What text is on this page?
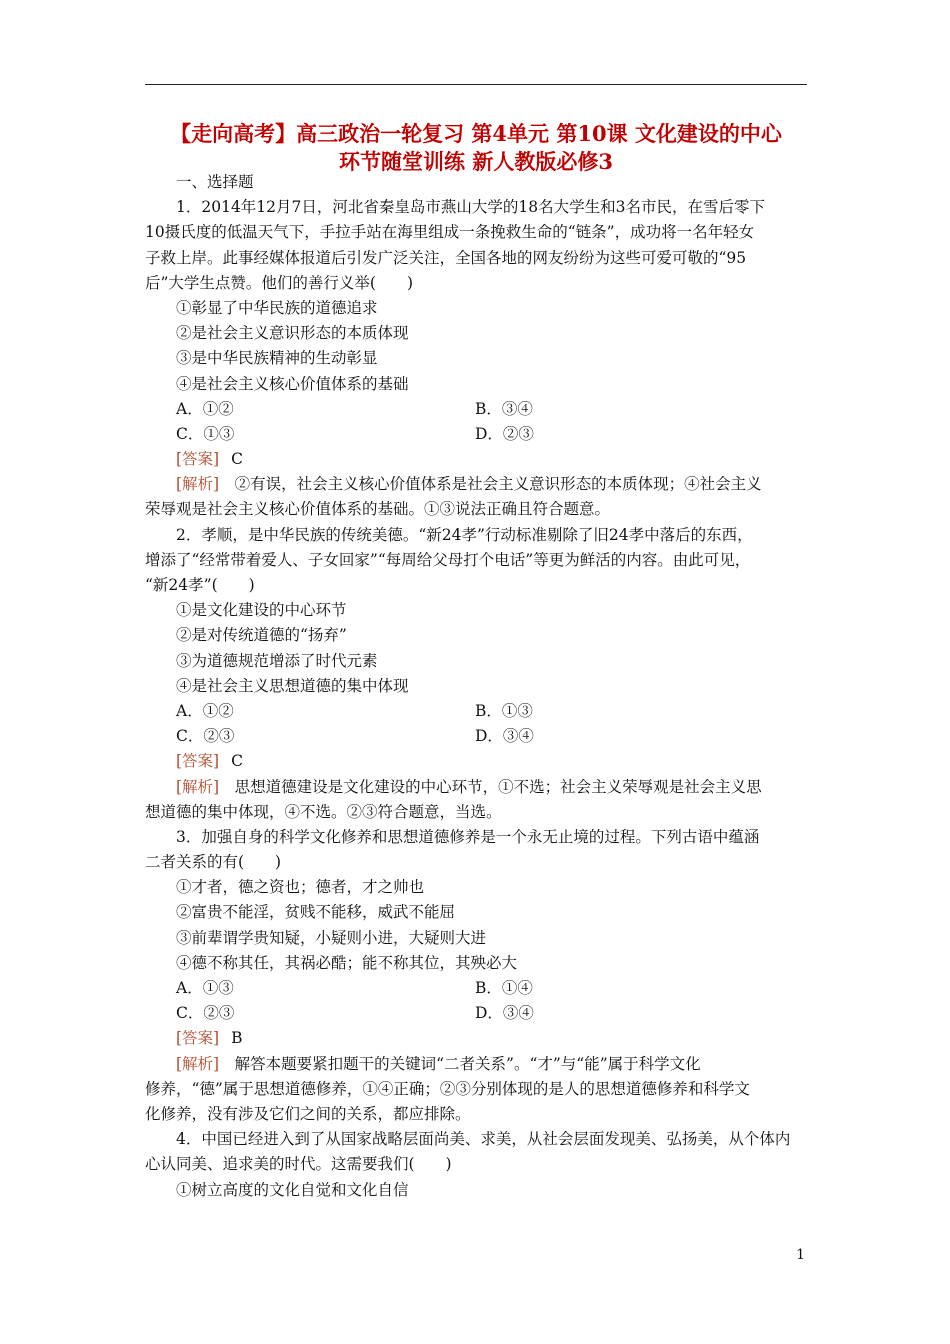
【走向高考】高三政治一轮复习 第4单元 第10课 文化建设的中心
环节随堂训练 新人教版必修3
一、选择题
1．2014年12月7日，河北省秦皇岛市燕山大学的18名大学生和3名市民，在雪后零下
10摄氏度的低温天气下，手拉手站在海里组成一条挽救生命的“链条”，成功将一名年轻女
子救上岸。此事经媒体报道后引发广泛关注，全国各地的网友纷纷为这些可爱可敬的“95
后”大学生点赞。他们的善行义举(　　)
①彰显了中华民族的道德追求
②是社会主义意识形态的本质体现
③是中华民族精神的生动彰显
④是社会主义核心价值体系的基础
A．①②	B．③④
C．①③	D．②③
[答案] C
[解析]　②有误，社会主义核心价值体系是社会主义意识形态的本质体现；④社会主义
荣辱观是社会主义核心价值体系的基础。①③说法正确且符合题意。
2．孝顺，是中华民族的传统美德。“新24孝”行动标准剔除了旧24孝中落后的东西，
增添了“经常带着爱人、子女回家”“每周给父母打个电话”等更为鲜活的内容。由此可见，
“新24孝”(　　)
①是文化建设的中心环节
②是对传统道德的“扬弃”
③为道德规范增添了时代元素
④是社会主义思想道德的集中体现
A．①②	B．①③
C．②③	D．③④
[答案] C
[解析]　思想道德建设是文化建设的中心环节，①不选；社会主义荣辱观是社会主义思
想道德的集中体现，④不选。②③符合题意，当选。
3．加强自身的科学文化修养和思想道德修养是一个永无止境的过程。下列古语中蕴涵
二者关系的有(　　)
①才者，德之资也；德者，才之帅也
②富贵不能淫，贫贱不能移，威武不能屈
③前辈谓学贵知疑，小疑则小进，大疑则大进
④德不称其任，其祸必酷；能不称其位，其殃必大
A．①③	B．①④
C．②③	D．③④
[答案] B
[解析]　解答本题要紧扣题干的关键词“二者关系”。“才”与“能”属于科学文化
修养，“德”属于思想道德修养，①④正确；②③分别体现的是人的思想道德修养和科学文
化修养，没有涉及它们之间的关系，都应排除。
4．中国已经进入到了从国家战略层面尚美、求美，从社会层面发现美、弘扬美，从个体内
心认同美、追求美的时代。这需要我们(　　)
①树立高度的文化自觉和文化自信
1
